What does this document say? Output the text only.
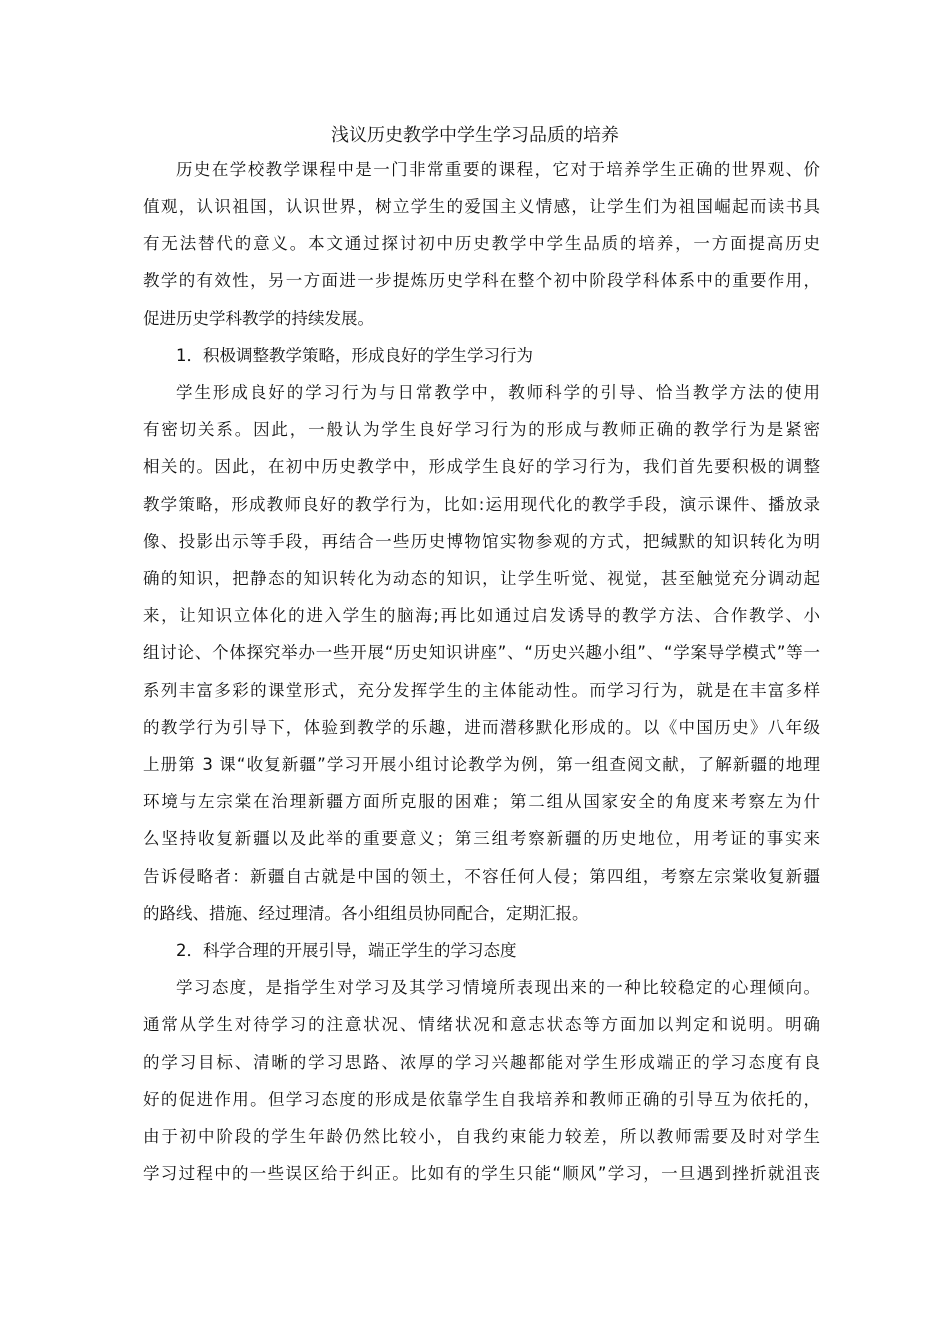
浅议历史教学中学生学习品质的培养
历史在学校教学课程中是一门非常重要的课程，它对于培养学生正确的世界观、价
值观，认识祖国，认识世界，树立学生的爱国主义情感，让学生们为祖国崛起而读书具
有无法替代的意义。本文通过探讨初中历史教学中学生品质的培养，一方面提高历史
教学的有效性，另一方面进一步提炼历史学科在整个初中阶段学科体系中的重要作用，
促进历史学科教学的持续发展。
1．积极调整教学策略，形成良好的学生学习行为
学生形成良好的学习行为与日常教学中，教师科学的引导、恰当教学方法的使用
有密切关系。因此，一般认为学生良好学习行为的形成与教师正确的教学行为是紧密
相关的。因此，在初中历史教学中，形成学生良好的学习行为，我们首先要积极的调整
教学策略，形成教师良好的教学行为，比如:运用现代化的教学手段，演示课件、播放录
像、投影出示等手段，再结合一些历史博物馆实物参观的方式，把缄默的知识转化为明
确的知识，把静态的知识转化为动态的知识，让学生听觉、视觉，甚至触觉充分调动起
来，让知识立体化的进入学生的脑海;再比如通过启发诱导的教学方法、合作教学、小
组讨论、个体探究举办一些开展“历史知识讲座”、“历史兴趣小组”、“学案导学模式”等一
系列丰富多彩的课堂形式，充分发挥学生的主体能动性。而学习行为，就是在丰富多样
的教学行为引导下，体验到教学的乐趣，进而潜移默化形成的。以《中国历史》八年级
上册第 3 课“收复新疆”学习开展小组讨论教学为例，第一组查阅文献，了解新疆的地理
环境与左宗棠在治理新疆方面所克服的困难；第二组从国家安全的角度来考察左为什
么坚持收复新疆以及此举的重要意义；第三组考察新疆的历史地位，用考证的事实来
告诉侵略者：新疆自古就是中国的领土，不容任何人侵；第四组，考察左宗棠收复新疆
的路线、措施、经过理清。各小组组员协同配合，定期汇报。
2．科学合理的开展引导，端正学生的学习态度
学习态度，是指学生对学习及其学习情境所表现出来的一种比较稳定的心理倾向。
通常从学生对待学习的注意状况、情绪状况和意志状态等方面加以判定和说明。明确
的学习目标、清晰的学习思路、浓厚的学习兴趣都能对学生形成端正的学习态度有良
好的促进作用。但学习态度的形成是依靠学生自我培养和教师正确的引导互为依托的，
由于初中阶段的学生年龄仍然比较小，自我约束能力较差，所以教师需要及时对学生
学习过程中的一些误区给于纠正。比如有的学生只能“顺风”学习，一旦遇到挫折就沮丧
